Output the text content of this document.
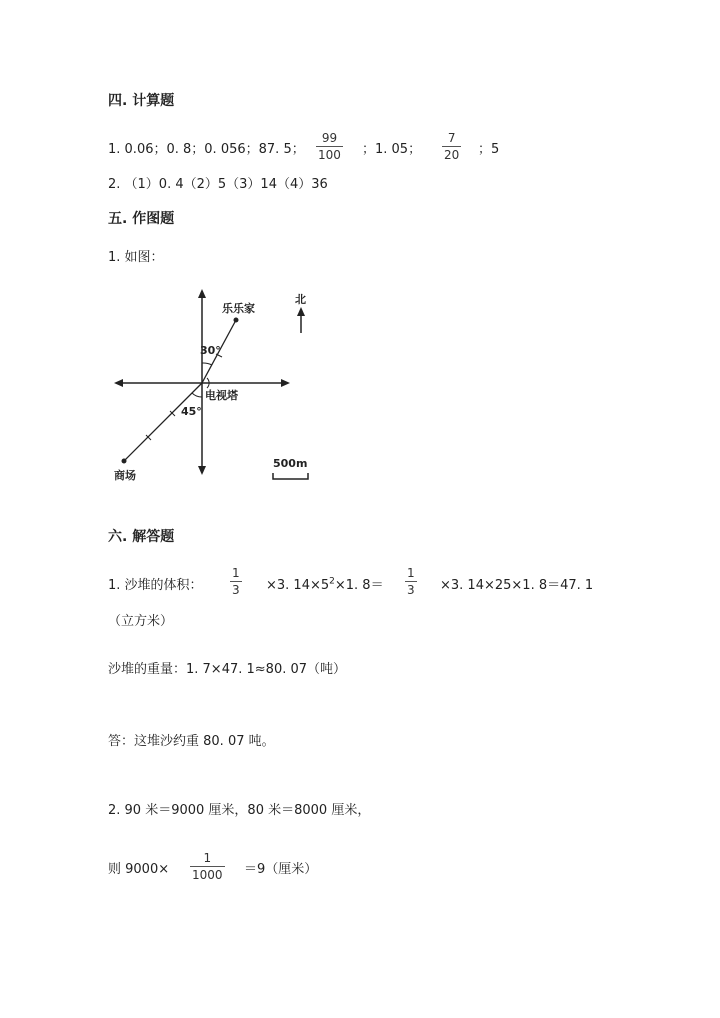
四. 计算题
1. 0.06；0. 8；0. 056；87. 5；
99
100 ；1. 05；
7
20 ；5
2. （1）0. 4（2）5（3）14（4）36
五. 作图题
1. 如图：
乐乐家
30°
电视塔
45°
商场
北
500m
六. 解答题
1. 沙堆的体积：
1
3 ×3. $14\times 5^2\times 1$. 8＝
1
3 ×3. 14×25×1. 8＝47. 1
（立方米）
沙堆的重量：1. 7×47. 1≈80. 07（吨）
答：这堆沙约重 80. 07 吨。
2. 90 米＝9000 厘米，80 米＝8000 厘米，
则 9000×
1
1000 ＝9（厘米）
